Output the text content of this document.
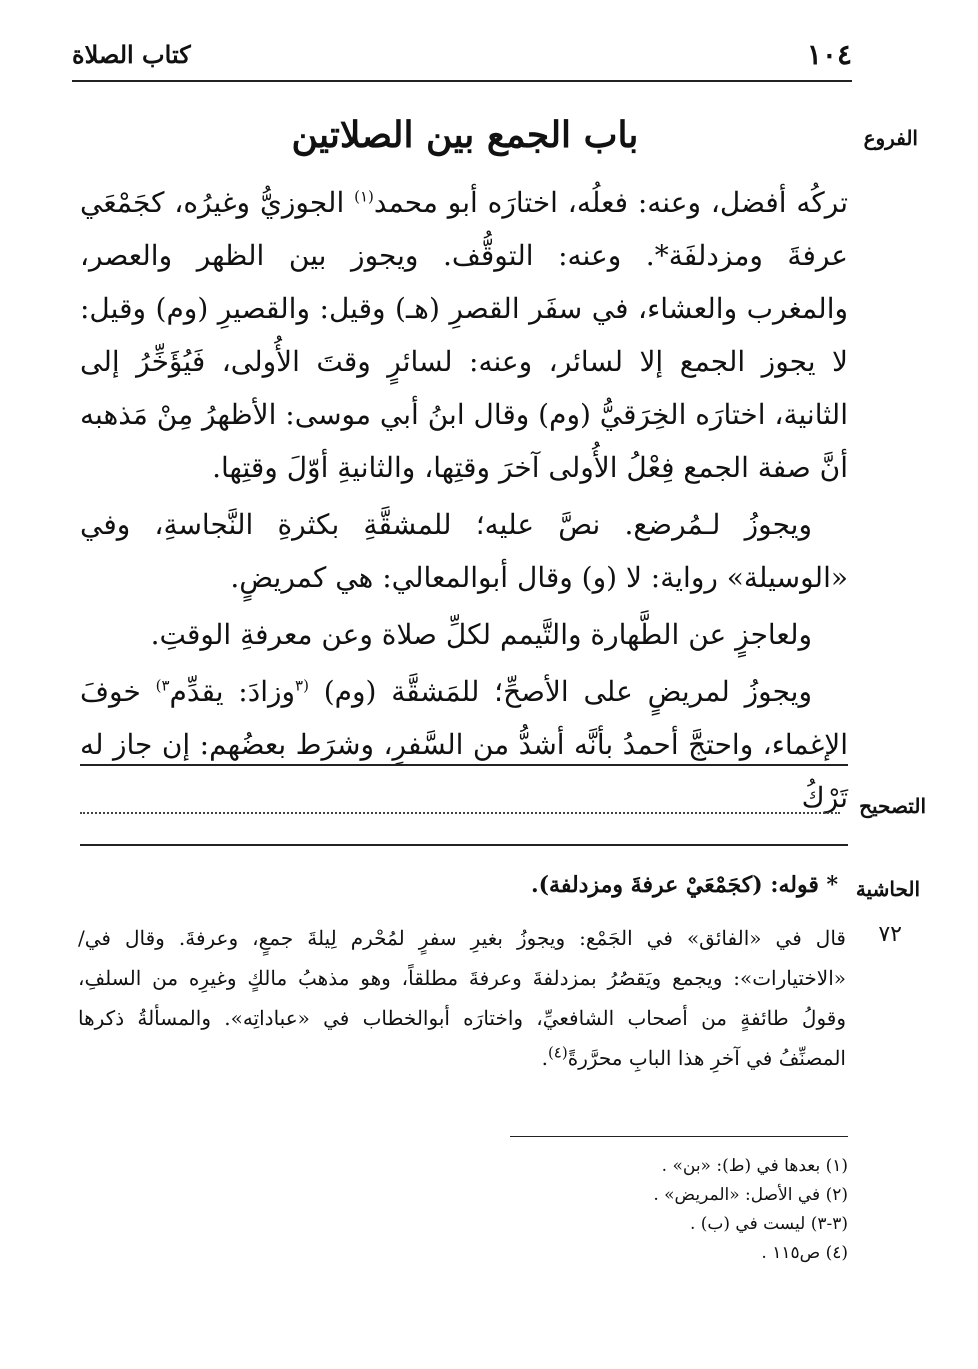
١٠٤
كتاب الصلاة
الفروع
باب الجمع بين الصلاتين

تركُه أفضل، وعنه: فعلُه، اختارَه أبو محمد$^{(١)}$ الجوزيُّ وغيرُه، كجَمْعَي عرفةَ ومزدلفَة*. وعنه: التوقُّف. ويجوز بين الظهر والعصر، والمغرب والعشاء، في سفَر القصرِ (هـ) وقيل: والقصيرِ (وم) وقيل: لا يجوز الجمع إلا لسائر، وعنه: لسائرٍ وقتَ الأُولى، فَيُؤَخِّرُ إلى الثانية، اختارَه الخِرَقيُّ (وم) وقال ابنُ أبي موسى: الأظهرُ مِنْ مَذهبه أنَّ صفة الجمع فِعْلُ الأُولى آخرَ وقتِها، والثانيةِ أوّلَ وقتِها.

ويجوزُ لـمُرضع. نصَّ عليه؛ للمشقَّةِ بكثرةِ النَّجاسةِ، وفي «الوسيلة» رواية: لا (و) وقال أبوالمعالي: هي كمريضٍ.

ولعاجزٍ عن الطَّهارة والتَّيمم لكلِّ صلاة وعن معرفةِ الوقتِ.

ويجوزُ لمريضٍ على الأصحِّ؛ للمَشقَّة (وم) $^{(٣}$وزادَ: يقدِّم$^{٣)}$ خوفَ الإغماء، واحتجَّ أحمدُ بأنَّه أشدُّ من السَّفرِ، وشرَط بعضُهم: إن جاز له تَرْكُ التصحيح
الحاشية
* قوله: (كجَمْعَيْ عرفةَ ومزدلفة).
٧٢

قال في «الفائق» في الجَمْع: ويجوزُ بغيرِ سفرٍ لمُحْرم لِيلةَ جمعٍ، وعرفةَ. وقال في/ «الاختيارات»: ويجمع ويَقصُرُ بمزدلفةَ وعرفةَ مطلقاً، وهو مذهبُ مالكٍ وغيرِه من السلفِ، وقولُ طائفةٍ من أصحاب الشافعيِّ، واختارَه أبوالخطاب في «عباداتِه». والمسألةُ ذكرها المصنِّفُ في آخرِ هذا البابِ محرَّرةً$^{(٤)}$.

(١) بعدها في (ط): «بن» .
(٢) في الأصل: «المريض» .
(٣-٣) ليست في (ب) .
(٤) ص١١٥ .
